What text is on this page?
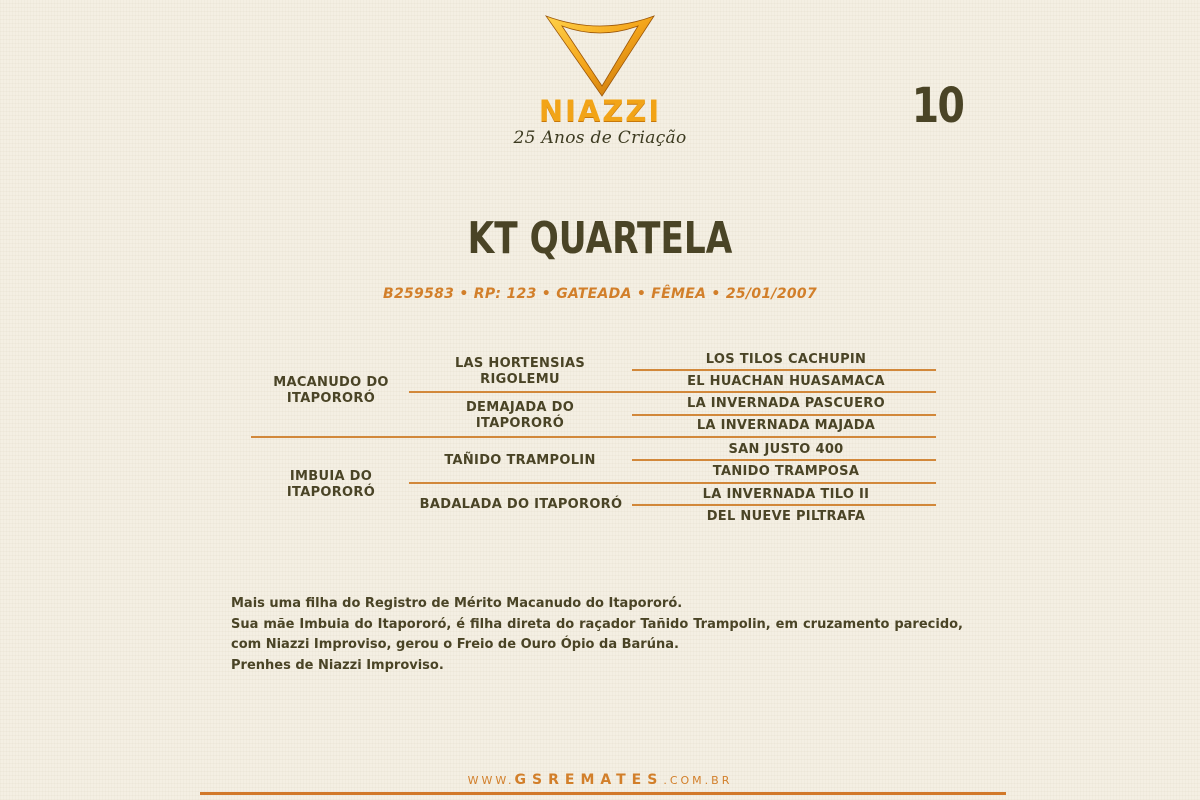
NIAZZI
25 Anos de Criação
10
KT QUARTELA
B259583 • RP: 123 • GATEADA • FÊMEA • 25/01/2007
MACANUDO DO ITAPORORÓ
IMBUIA DO ITAPORORÓ
LAS HORTENSIAS RIGOLEMU
DEMAJADA DO ITAPORORÓ
TAÑIDO TRAMPOLIN
BADALADA DO ITAPORORÓ
LOS TILOS CACHUPIN
EL HUACHAN HUASAMACA
LA INVERNADA PASCUERO
LA INVERNADA MAJADA
SAN JUSTO 400
TANIDO TRAMPOSA
LA INVERNADA TILO II
DEL NUEVE PILTRAFA

Mais uma filha do Registro de Mérito Macanudo do Itapororó.

Sua mãe Imbuia do Itapororó, é filha direta do raçador Tañido Trampolin, em cruzamento parecido, com Niazzi Improviso, gerou o Freio de Ouro Ópio da Barúna.

Prenhes de Niazzi Improviso.

WWW.GSREMATES.COM.BR
